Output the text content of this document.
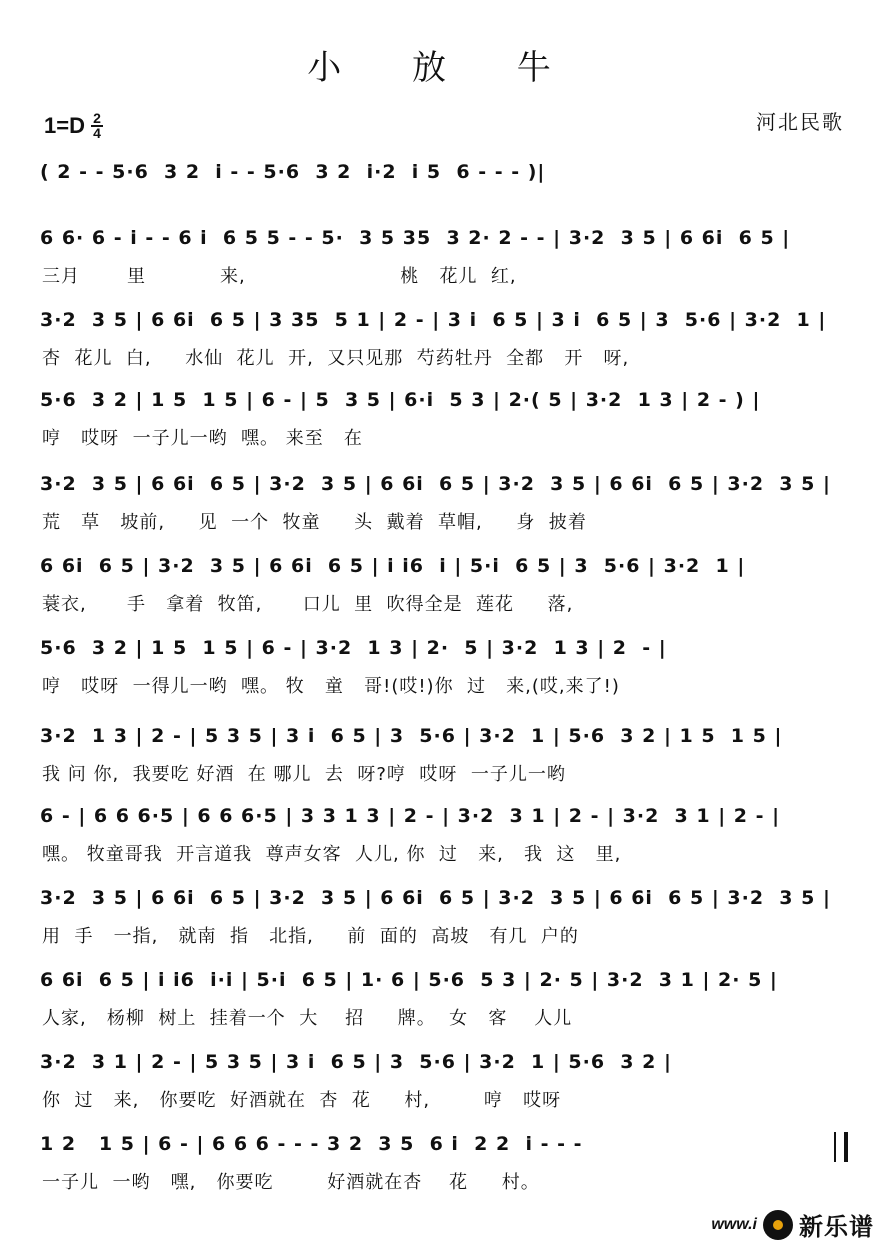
小 放 牛
$1=D \frac{2}{4}$	河北民歌
( 2 - - 5·6  3 2  i - - 5·6  3 2  i·2  i 5  6 - - - )|
6 6· 6 - i - - 6 i  6 5 5 - - 5·  3 5 35  3 2· 2 - - | 3·2  3 5 | 6 6i  6 5 |
三月       里           来,                       桃   花儿  红,
3·2  3 5 | 6 6i  6 5 | 3 35  5 1 | 2 - | 3 i  6 5 | 3 i  6 5 | 3  5·6 | 3·2  1 |
杏  花儿  白,     水仙  花儿  开,  又只见那  芍药牡丹  全都   开   呀,
5·6  3 2 | 1 5  1 5 | 6 - | 5  3 5 | 6·i  5 3 | 2·( 5 | 3·2  1 3 | 2 - ) |
哼   哎呀  一子儿一哟  嘿。 来至   在
3·2  3 5 | 6 6i  6 5 | 3·2  3 5 | 6 6i  6 5 | 3·2  3 5 | 6 6i  6 5 | 3·2  3 5 |
荒   草   坡前,     见  一个  牧童     头  戴着  草帽,     身  披着
6 6i  6 5 | 3·2  3 5 | 6 6i  6 5 | i i6  i | 5·i  6 5 | 3  5·6 | 3·2  1 |
蓑衣,      手   拿着  牧笛,      口儿  里  吹得全是  莲花     落,
5·6  3 2 | 1 5  1 5 | 6 - | 3·2  1 3 | 2·  5 | 3·2  1 3 | 2  - |
哼   哎呀  一得儿一哟  嘿。 牧   童   哥!(哎!)你  过   来,(哎,来了!)
3·2  1 3 | 2 - | 5 3 5 | 3 i  6 5 | 3  5·6 | 3·2  1 | 5·6  3 2 | 1 5  1 5 |
我 问 你,  我要吃 好酒  在 哪儿  去  呀?哼  哎呀  一子儿一哟
6 - | 6 6 6·5 | 6 6 6·5 | 3 3 1 3 | 2 - | 3·2  3 1 | 2 - | 3·2  3 1 | 2 - |
嘿。 牧童哥我  开言道我  尊声女客  人儿, 你  过   来,   我  这   里,
3·2  3 5 | 6 6i  6 5 | 3·2  3 5 | 6 6i  6 5 | 3·2  3 5 | 6 6i  6 5 | 3·2  3 5 |
用  手   一指,   就南  指   北指,     前  面的  高坡   有几  户的
6 6i  6 5 | i i6  i·i | 5·i  6 5 | 1· 6 | 5·6  5 3 | 2· 5 | 3·2  3 1 | 2· 5 |
人家,   杨柳  树上  挂着一个  大    招     牌。  女   客    人儿
3·2  3 1 | 2 - | 5 3 5 | 3 i  6 5 | 3  5·6 | 3·2  1 | 5·6  3 2 |
你  过   来,   你要吃  好酒就在  杏  花     村,        哼   哎呀
1 2   1 5 | 6 - | 6 6 6 - - - 3 2  3 5  6 i  2 2  i - - -
一子儿  一哟   嘿,   你要吃        好酒就在杏    花     村。
www.i 新乐谱
